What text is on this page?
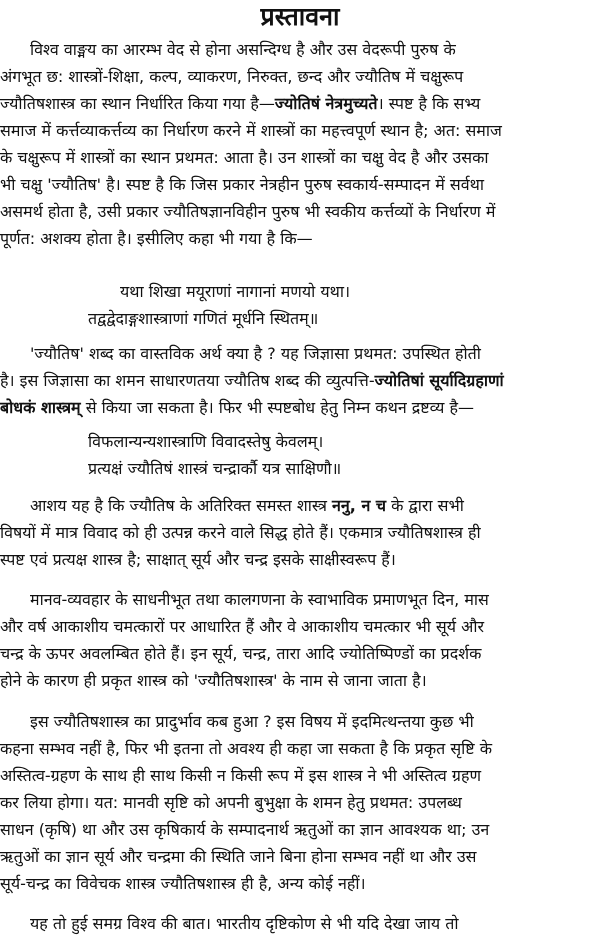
प्रस्तावना
विश्व वाङ्मय का आरम्भ वेद से होना असन्दिग्ध है और उस वेदरूपी पुरुष के
अंगभूत छ: शास्त्रों-शिक्षा, कल्प, व्याकरण, निरुक्त, छन्द और ज्यौतिष में चक्षुरूप
ज्यौतिषशास्त्र का स्थान निर्धारित किया गया है—ज्योतिषं नेत्रमुच्यते। स्पष्ट है कि सभ्य
समाज में कर्त्तव्याकर्त्तव्य का निर्धारण करने में शास्त्रों का महत्त्वपूर्ण स्थान है; अत: समाज
के चक्षुरूप में शास्त्रों का स्थान प्रथमत: आता है। उन शास्त्रों का चक्षु वेद है और उसका
भी चक्षु 'ज्यौतिष' है। स्पष्ट है कि जिस प्रकार नेत्रहीन पुरुष स्वकार्य-सम्पादन में सर्वथा
असमर्थ होता है, उसी प्रकार ज्यौतिषज्ञानविहीन पुरुष भी स्वकीय कर्त्तव्यों के निर्धारण में
पूर्णत: अशक्य होता है। इसीलिए कहा भी गया है कि—
यथा शिखा मयूराणां नागानां मणयो यथा।
तद्वद्वेदाङ्गशास्त्राणां गणितं मूर्धनि स्थितम्॥
'ज्यौतिष' शब्द का वास्तविक अर्थ क्या है ? यह जिज्ञासा प्रथमत: उपस्थित होती
है। इस जिज्ञासा का शमन साधारणतया ज्यौतिष शब्द की व्युत्पत्ति-ज्योतिषां सूर्यादिग्रहाणां
बोधकं शास्त्रम् से किया जा सकता है। फिर भी स्पष्टबोध हेतु निम्न कथन द्रष्टव्य है—
विफलान्यन्यशास्त्राणि विवादस्तेषु केवलम्।
प्रत्यक्षं ज्यौतिषं शास्त्रं चन्द्रार्कौ यत्र साक्षिणौ॥
आशय यह है कि ज्यौतिष के अतिरिक्त समस्त शास्त्र ननु, न च के द्वारा सभी
विषयों में मात्र विवाद को ही उत्पन्न करने वाले सिद्ध होते हैं। एकमात्र ज्यौतिषशास्त्र ही
स्पष्ट एवं प्रत्यक्ष शास्त्र है; साक्षात् सूर्य और चन्द्र इसके साक्षीस्वरूप हैं।
मानव-व्यवहार के साधनीभूत तथा कालगणना के स्वाभाविक प्रमाणभूत दिन, मास
और वर्ष आकाशीय चमत्कारों पर आधारित हैं और वे आकाशीय चमत्कार भी सूर्य और
चन्द्र के ऊपर अवलम्बित होते हैं। इन सूर्य, चन्द्र, तारा आदि ज्योतिष्पिण्डों का प्रदर्शक
होने के कारण ही प्रकृत शास्त्र को 'ज्यौतिषशास्त्र' के नाम से जाना जाता है।
इस ज्यौतिषशास्त्र का प्रादुर्भाव कब हुआ ? इस विषय में इदमित्थन्तया कुछ भी
कहना सम्भव नहीं है, फिर भी इतना तो अवश्य ही कहा जा सकता है कि प्रकृत सृष्टि के
अस्तित्व-ग्रहण के साथ ही साथ किसी न किसी रूप में इस शास्त्र ने भी अस्तित्व ग्रहण
कर लिया होगा। यत: मानवी सृष्टि को अपनी बुभुक्षा के शमन हेतु प्रथमत: उपलब्ध
साधन (कृषि) था और उस कृषिकार्य के सम्पादनार्थ ऋतुओं का ज्ञान आवश्यक था; उन
ऋतुओं का ज्ञान सूर्य और चन्द्रमा की स्थिति जाने बिना होना सम्भव नहीं था और उस
सूर्य-चन्द्र का विवेचक शास्त्र ज्यौतिषशास्त्र ही है, अन्य कोई नहीं।
यह तो हुई समग्र विश्व की बात। भारतीय दृष्टिकोण से भी यदि देखा जाय तो
